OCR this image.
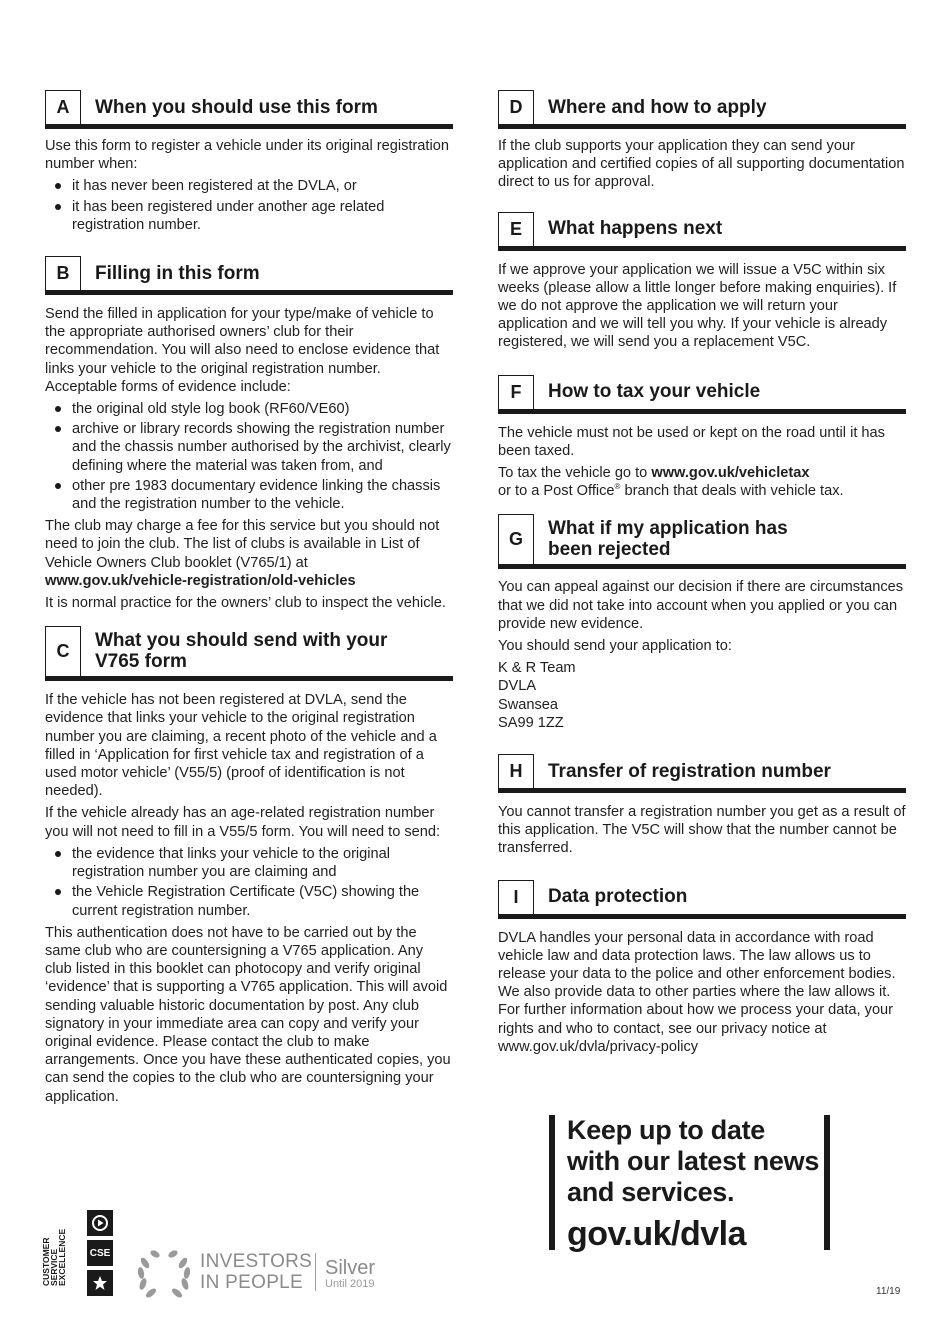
A	When you should use this form

Use this form to register a vehicle under its original registration number when:

it has never been registered at the DVLA, or
it has been registered under another age related registration number.
B	Filling in this form

Send the filled in application for your type/make of vehicle to the appropriate authorised owners’ club for their recommendation. You will also need to enclose evidence that links your vehicle to the original registration number. Acceptable forms of evidence include:

the original old style log book (RF60/VE60)
archive or library records showing the registration number and the chassis number authorised by the archivist, clearly defining where the material was taken from, and
other pre 1983 documentary evidence linking the chassis and the registration number to the vehicle.

The club may charge a fee for this service but you should not need to join the club. The list of clubs is available in List of Vehicle Owners Club booklet (V765/1) at
www.gov.uk/vehicle-registration/old-vehicles

It is normal practice for the owners’ club to inspect the vehicle.

C	What you should send with your
V765 form

If the vehicle has not been registered at DVLA, send the evidence that links your vehicle to the original registration number you are claiming, a recent photo of the vehicle and a filled in ‘Application for first vehicle tax and registration of a used motor vehicle’ (V55/5) (proof of identification is not needed).

If the vehicle already has an age-related registration number you will not need to fill in a V55/5 form. You will need to send:

the evidence that links your vehicle to the original registration number you are claiming and
the Vehicle Registration Certificate (V5C) showing the current registration number.

This authentication does not have to be carried out by the same club who are countersigning a V765 application. Any club listed in this booklet can photocopy and verify original ‘evidence’ that is supporting a V765 application. This will avoid sending valuable historic documentation by post. Any club signatory in your immediate area can copy and verify your original evidence. Please contact the club to make arrangements. Once you have these authenticated copies, you can send the copies to the club who are countersigning your application.

D	Where and how to apply

If the club supports your application they can send your application and certified copies of all supporting documentation direct to us for approval.

E	What happens next

If we approve your application we will issue a V5C within six weeks (please allow a little longer before making enquiries). If we do not approve the application we will return your application and we will tell you why. If your vehicle is already registered, we will send you a replacement V5C.

F	How to tax your vehicle

The vehicle must not be used or kept on the road until it has been taxed.

To tax the vehicle go to www.gov.uk/vehicletax
or to a Post Office® branch that deals with vehicle tax.

G	What if my application has
been rejected

You can appeal against our decision if there are circumstances that we did not take into account when you applied or you can provide new evidence.

You should send your application to:

K & R Team
DVLA
Swansea
SA99 1ZZ

H	Transfer of registration number

You cannot transfer a registration number you get as a result of this application. The V5C will show that the number cannot be transferred.

I	Data protection

DVLA handles your personal data in accordance with road vehicle law and data protection laws. The law allows us to release your data to the police and other enforcement bodies. We also provide data to other parties where the law allows it. For further information about how we process your data, your rights and who to contact, see our privacy notice at www.gov.uk/dvla/privacy-policy

Keep up to date
with our latest news
and services.
gov.uk/dvla
CUSTOMER
SERVICE
EXCELLENCE CSE	INVESTORS
IN PEOPLE
Silver
Until 2019
11/19
